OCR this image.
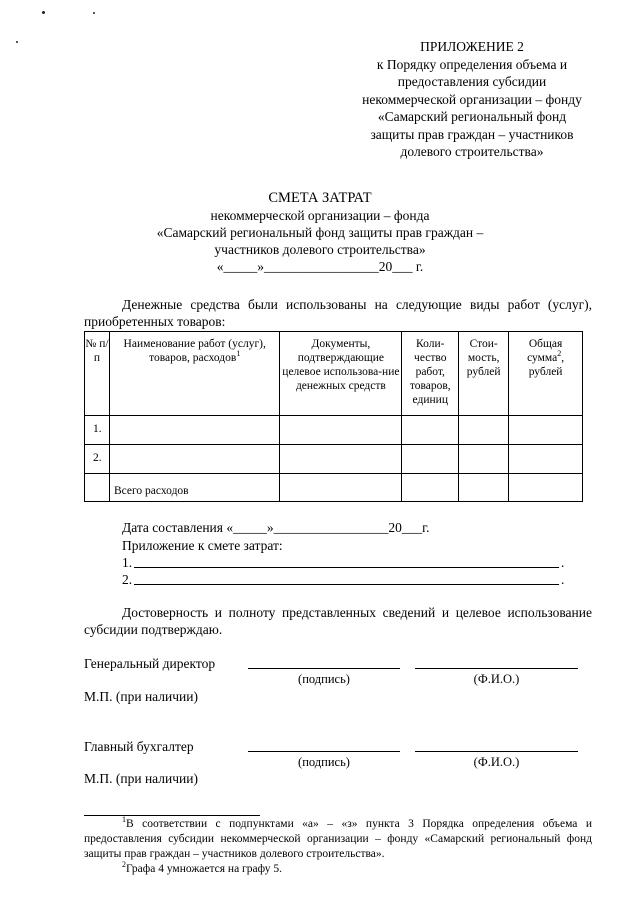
ПРИЛОЖЕНИЕ 2
к Порядку определения объема и
предоставления субсидии
некоммерческой организации – фонду
«Самарский региональный фонд
защиты прав граждан – участников
долевого строительства»
СМЕТА ЗАТРАТ
некоммерческой организации – фонда
«Самарский региональный фонд защиты прав граждан –
участников долевого строительства»
«_____»_________________20___ г.
Денежные средства были использованы на следующие виды работ (услуг), приобретенных товаров:
№ п/п	Наименование работ (услуг), товаров, расходов$^1$	Документы, подтверждающие целевое использова-ние денежных средств	Коли-чество работ, товаров, единиц	Стои-мость, рублей	Общая сумма$^2$, рублей
1.					
2.					
	Всего расходов				
Дата составления «_____»_________________20___г.
Приложение к смете затрат:
1.	.
2.	.
Достоверность и полноту представленных сведений и целевое использование субсидии подтверждаю.
Генеральный директор
(подпись)	(Ф.И.О.)
М.П. (при наличии)
Главный бухгалтер
(подпись)	(Ф.И.О.)
М.П. (при наличии)
$^1$В соответствии с подпунктами «а» – «з» пункта 3 Порядка определения объема и предоставления субсидии некоммерческой организации – фонду «Самарский региональный фонд защиты прав граждан – участников долевого строительства».
$^2$Графа 4 умножается на графу 5.
